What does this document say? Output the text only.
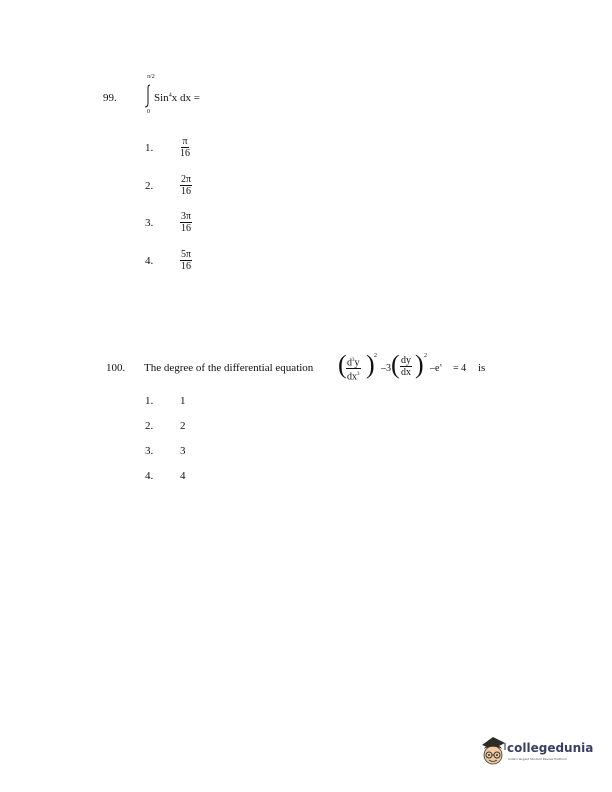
99.
π/2
0
Sin$^4$x dx =
1.	$\frac{\pi}{16}$
2.	$\frac{2\pi}{16}$
3.	$\frac{3\pi}{16}$
4.	$\frac{5\pi}{16}$
100. The degree of the differential equation ( $\frac{d^3y}{dx^3}$ ) 2
–3 ( $\frac{dy}{dx}$ ) 2
$-e^x = 4$ is
1. 1
2. 2
3. 3
4. 4
collegedunia
India's largest Student Review Platform
